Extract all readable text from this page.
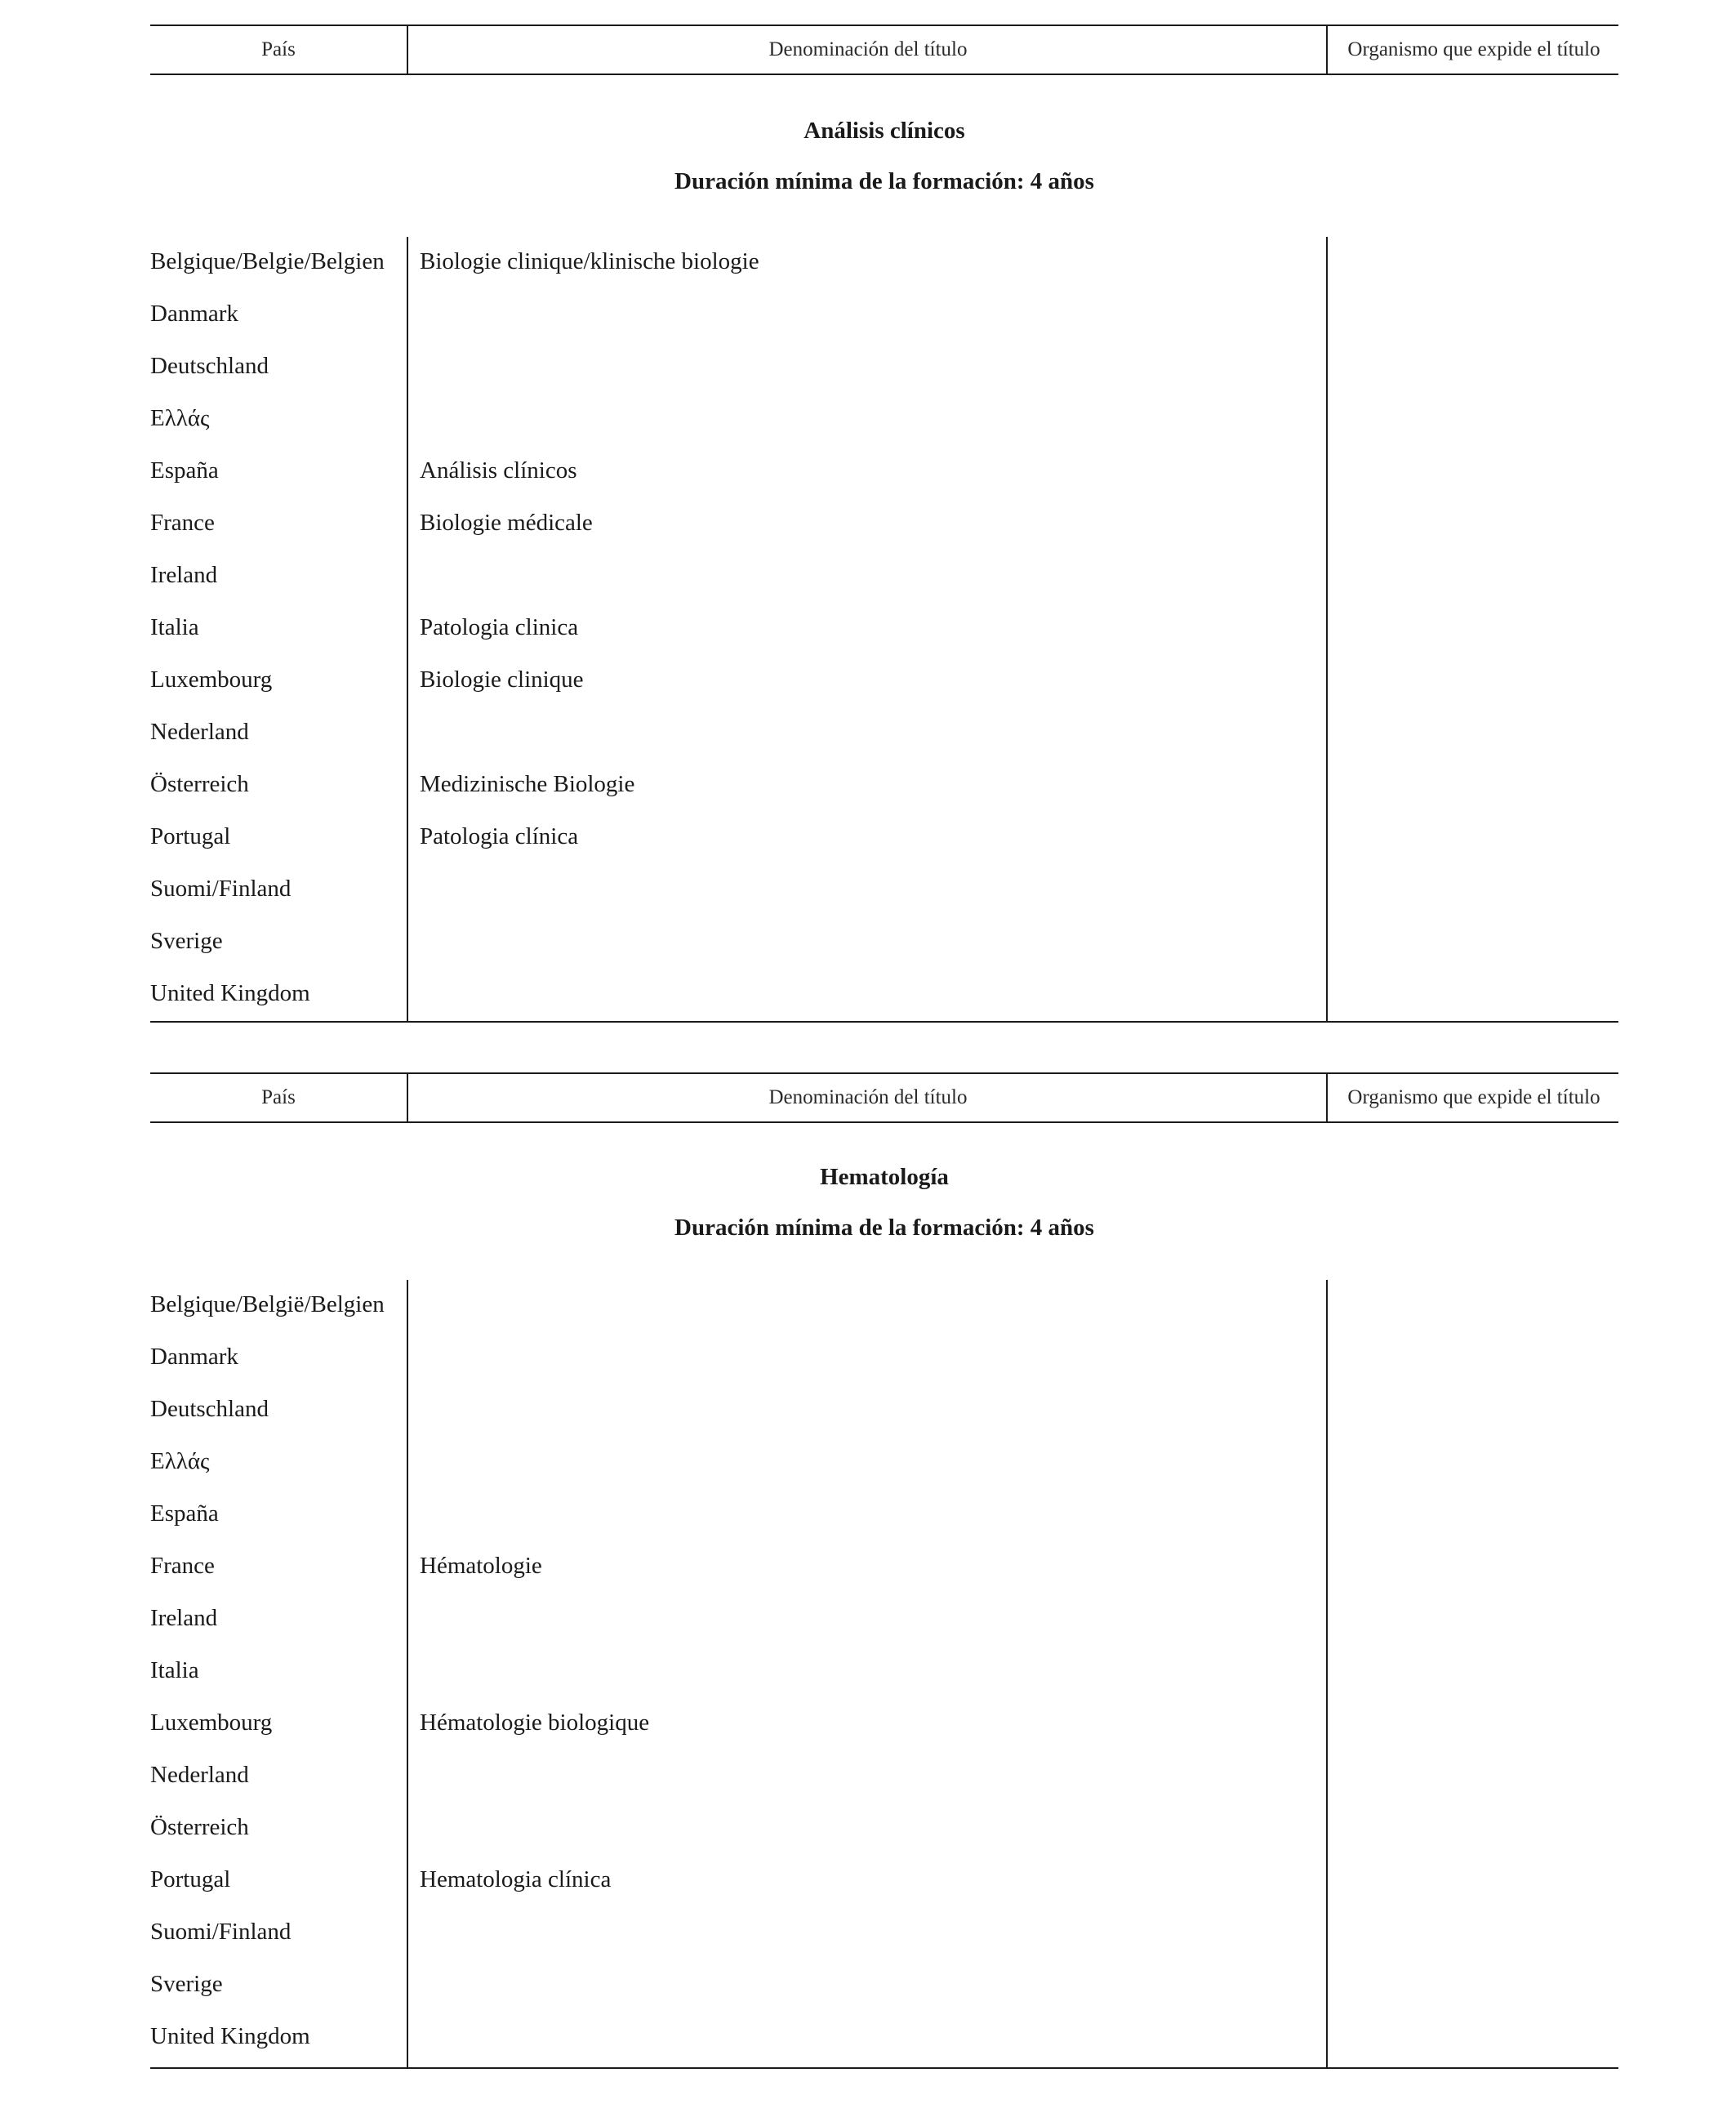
País	Denominación del título	Organismo que expide el título
Análisis clínicos
Duración mínima de la formación: 4 años
Belgique/Belgie/Belgien	Biologie clinique/klinische biologie
Danmark
Deutschland
Ελλάς
España	Análisis clínicos
France	Biologie médicale
Ireland
Italia	Patologia clinica
Luxembourg	Biologie clinique
Nederland
Österreich	Medizinische Biologie
Portugal	Patologia clínica
Suomi/Finland
Sverige
United Kingdom
País	Denominación del título	Organismo que expide el título
Hematología
Duración mínima de la formación: 4 años
Belgique/België/Belgien
Danmark
Deutschland
Ελλάς
España
France	Hématologie
Ireland
Italia
Luxembourg	Hématologie biologique
Nederland
Österreich
Portugal	Hematologia clínica
Suomi/Finland
Sverige
United Kingdom
